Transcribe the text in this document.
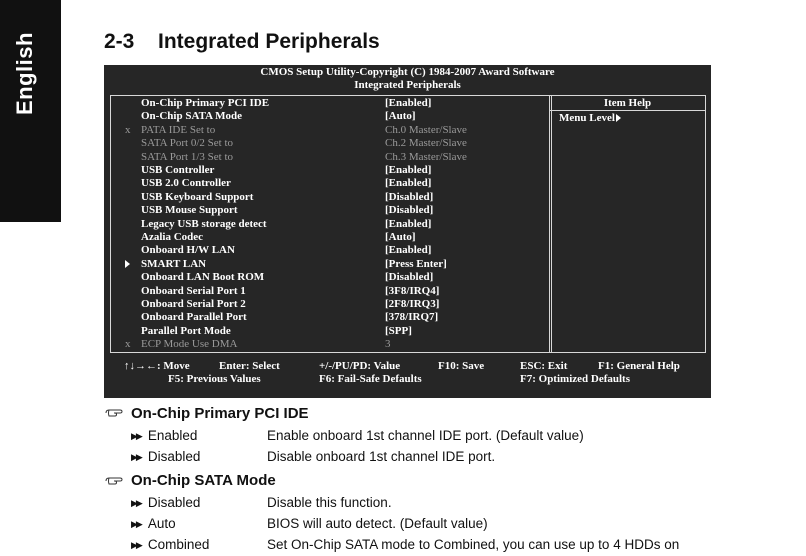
English	2-3 Integrated Peripherals
CMOS Setup Utility-Copyright (C) 1984-2007 Award Software
Integrated Peripherals
On-Chip Primary PCI IDE	[Enabled]
On-Chip SATA Mode	[Auto]
x PATA IDE Set to	Ch.0 Master/Slave
SATA Port 0/2 Set to	Ch.2 Master/Slave
SATA Port 1/3 Set to	Ch.3 Master/Slave
USB Controller	[Enabled]
USB 2.0 Controller	[Enabled]
USB Keyboard Support	[Disabled]
USB Mouse Support	[Disabled]
Legacy USB storage detect	[Enabled]
Azalia Codec	[Auto]
Onboard H/W LAN	[Enabled]
SMART LAN	[Press Enter]
Onboard LAN Boot ROM	[Disabled]
Onboard Serial Port 1	[3F8/IRQ4]
Onboard Serial Port 2	[2F8/IRQ3]
Onboard Parallel Port	[378/IRQ7]
Parallel Port Mode	[SPP]
x ECP Mode Use DMA	3
Item Help
Menu Level
↑↓→←: Move	Enter: Select	+/-/PU/PD: Value	F10: Save	ESC: Exit	F1: General Help
F5: Previous Values	F6: Fail-Safe Defaults	F7: Optimized Defaults
On-Chip Primary PCI IDE
▶▶ Enabled	Enable onboard 1st channel IDE port. (Default value)
▶▶ Disabled	Disable onboard 1st channel IDE port.
On-Chip SATA Mode
▶▶ Disabled	Disable this function.
▶▶ Auto	BIOS will auto detect. (Default value)
▶▶ Combined	Set On-Chip SATA mode to Combined, you can use up to 4 HDDs on
